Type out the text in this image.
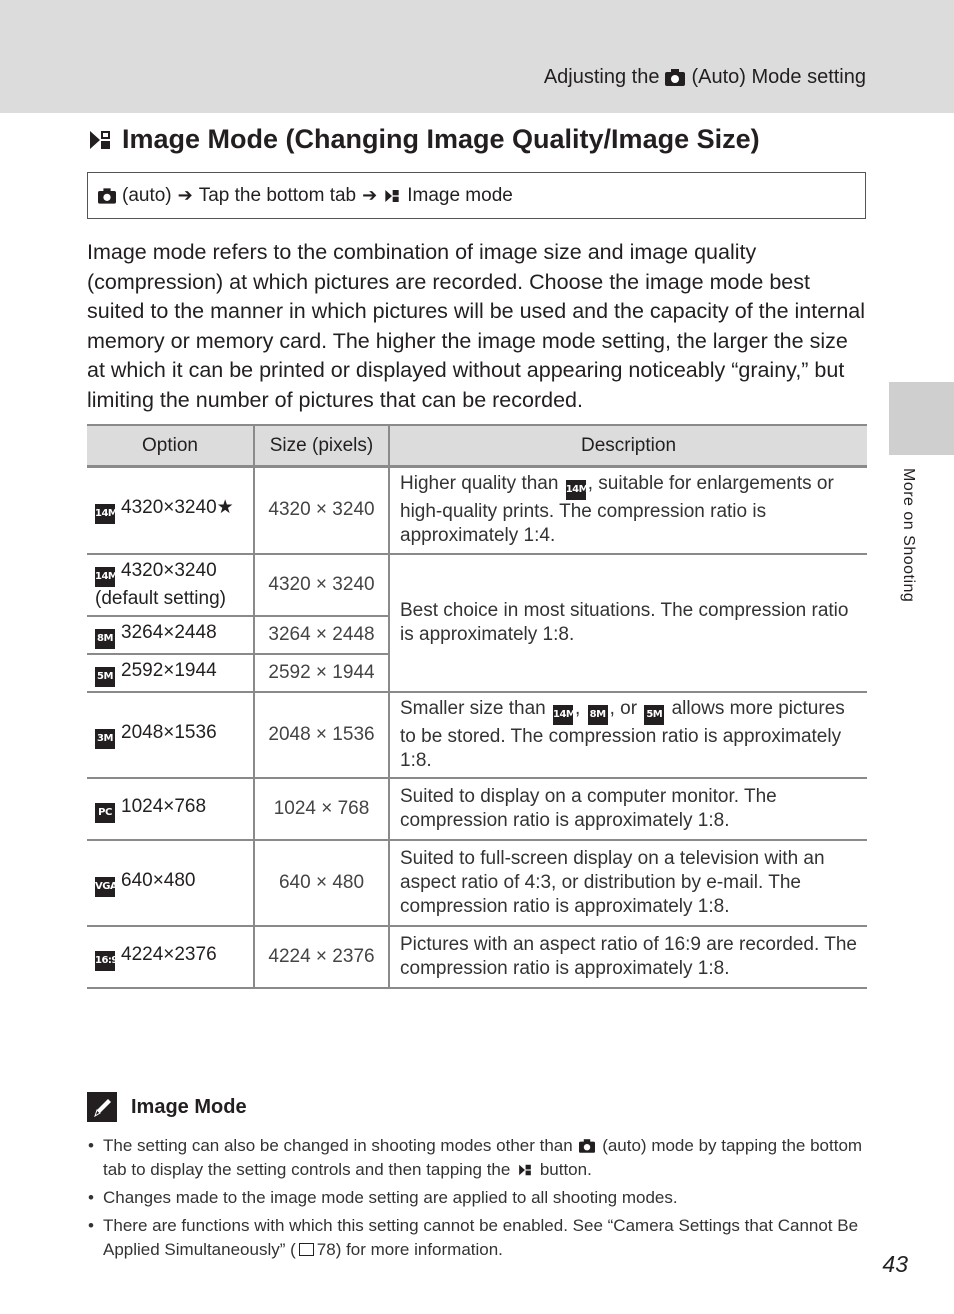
Adjusting the (Auto) Mode setting
More on Shooting
Image Mode (Changing Image Quality/Image Size)
(auto) ➔ Tap the bottom tab ➔ Image mode
Image mode refers to the combination of image size and image quality (compression) at which pictures are recorded. Choose the image mode best suited to the manner in which pictures will be used and the capacity of the internal memory or memory card. The higher the image mode setting, the larger the size at which it can be printed or displayed without appearing noticeably “grainy,” but limiting the number of pictures that can be recorded.
Option	Size (pixels)	Description
14M 4320×3240★	4320 × 3240	Higher quality than 14M, suitable for enlargements or high-quality prints. The compression ratio is approximately 1:4.
14M 4320×3240 (default setting)	4320 × 3240	Best choice in most situations. The compression ratio is approximately 1:8.
8M 3264×2448	3264 × 2448	
5M 2592×1944	2592 × 1944	
3M 2048×1536	2048 × 1536	Smaller size than 14M, 8M , or 5M allows more pictures to be stored. The compression ratio is approximately 1:8.
PC 1024×768	1024 × 768	Suited to display on a computer monitor. The compression ratio is approximately 1:8.
VGA 640×480	640 × 480	Suited to full-screen display on a television with an aspect ratio of 4:3, or distribution by e-mail. The compression ratio is approximately 1:8.
16:9 4224×2376	4224 × 2376	Pictures with an aspect ratio of 16:9 are recorded. The compression ratio is approximately 1:8.
Image Mode
• The setting can also be changed in shooting modes other than (auto) mode by tapping the bottom tab to display the setting controls and then tapping the button.
• Changes made to the image mode setting are applied to all shooting modes.
• There are functions with which this setting cannot be enabled. See “Camera Settings that Cannot Be Applied Simultaneously” ( 78) for more information.
43
